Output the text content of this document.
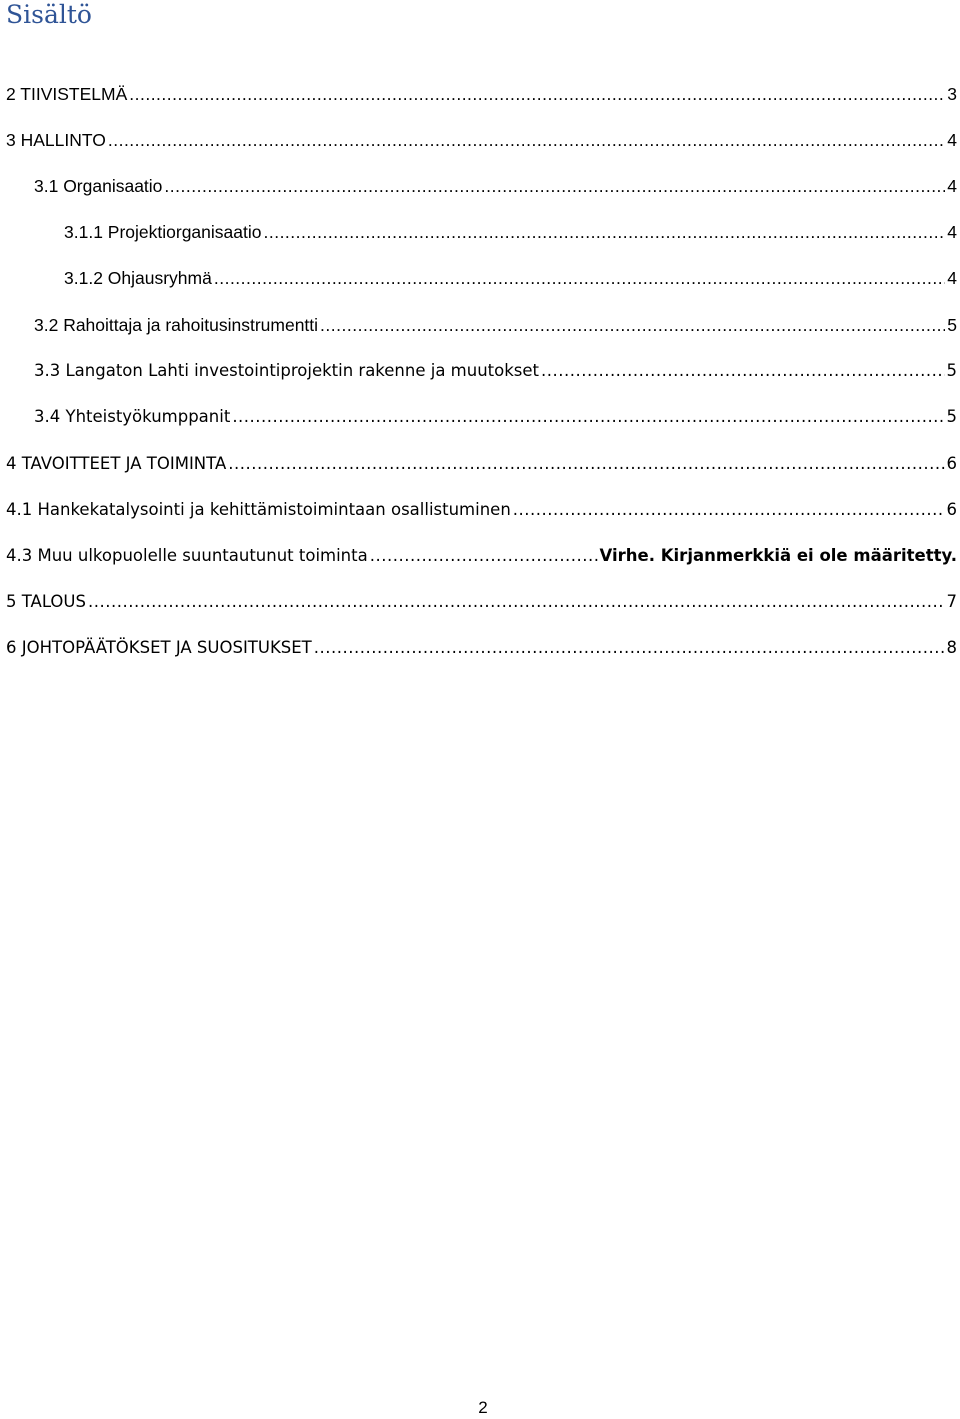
Sisältö
2 TIIVISTELMÄ .....	3
3 HALLINTO .....	4
3.1 Organisaatio .....	4
3.1.1 Projektiorganisaatio .....	4
3.1.2 Ohjausryhmä .....	4
3.2 Rahoittaja ja rahoitusinstrumentti .....	5
3.3 Langaton Lahti investointiprojektin rakenne ja muutokset .....	5
3.4 Yhteistyökumppanit .....	5
4 TAVOITTEET JA TOIMINTA .....	6
4.1 Hankekatalysointi ja kehittämistoimintaan osallistuminen .....	6
4.3 Muu ulkopuolelle suuntautunut toiminta .....	Virhe. Kirjanmerkkiä ei ole määritetty.
5 TALOUS .....	7
6 JOHTOPÄÄTÖKSET JA SUOSITUKSET .....	8
2
